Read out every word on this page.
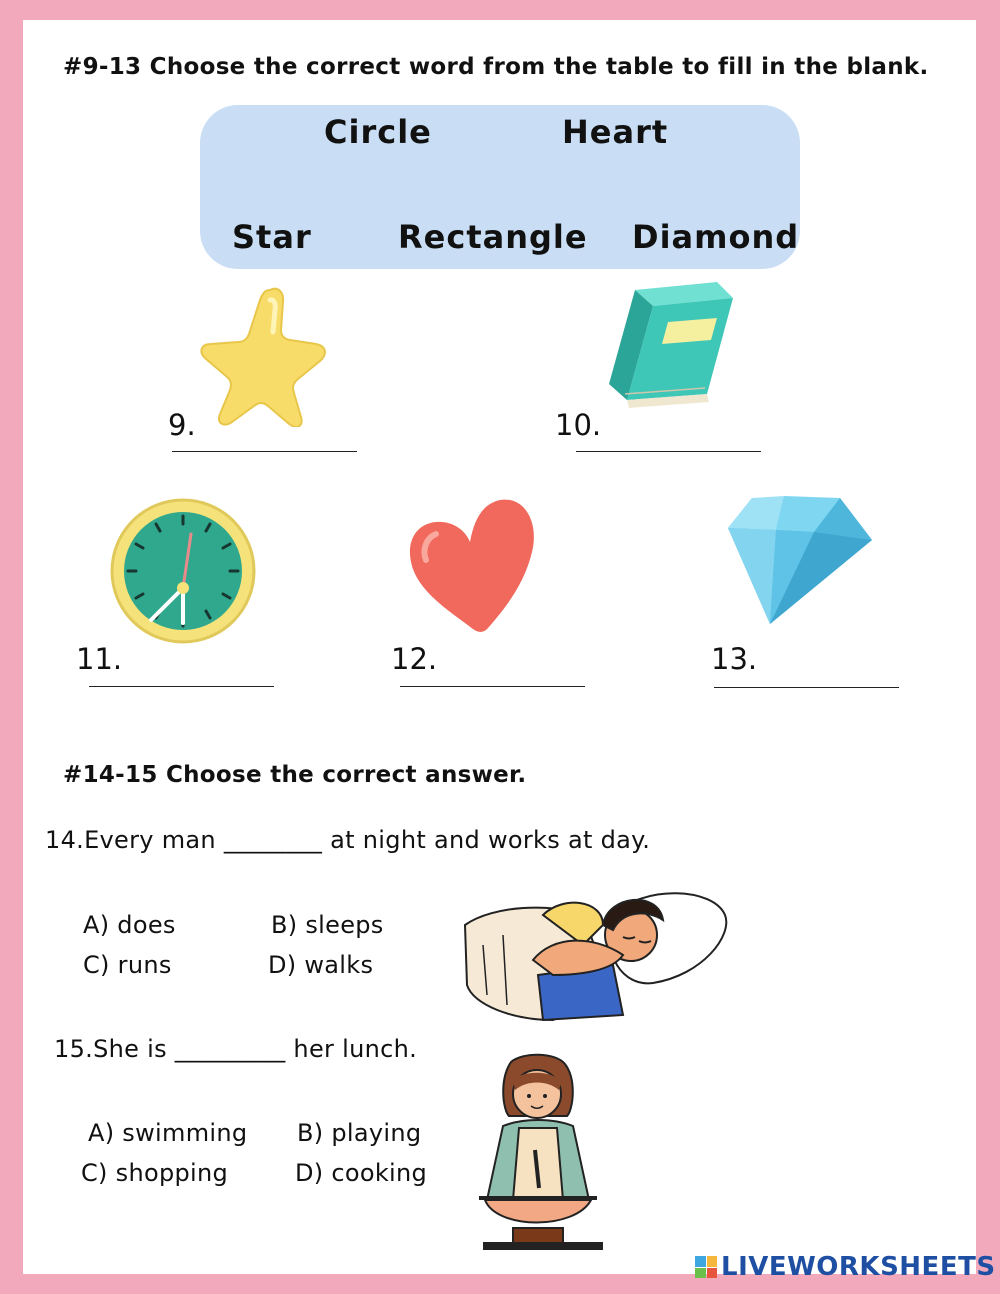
#9-13 Choose the correct word from the table to fill in the blank.
Circle	Heart
Star	Rectangle Diamond
9.	10.
11.	12.	13.
#14-15 Choose the correct answer.
14.Every man ________ at night and works at day.
A) does	B) sleeps
C) runs	D) walks
15.She is _________ her lunch.
A) swimming B) playing
C) shopping	D) cooking
LIVEWORKSHEETS
